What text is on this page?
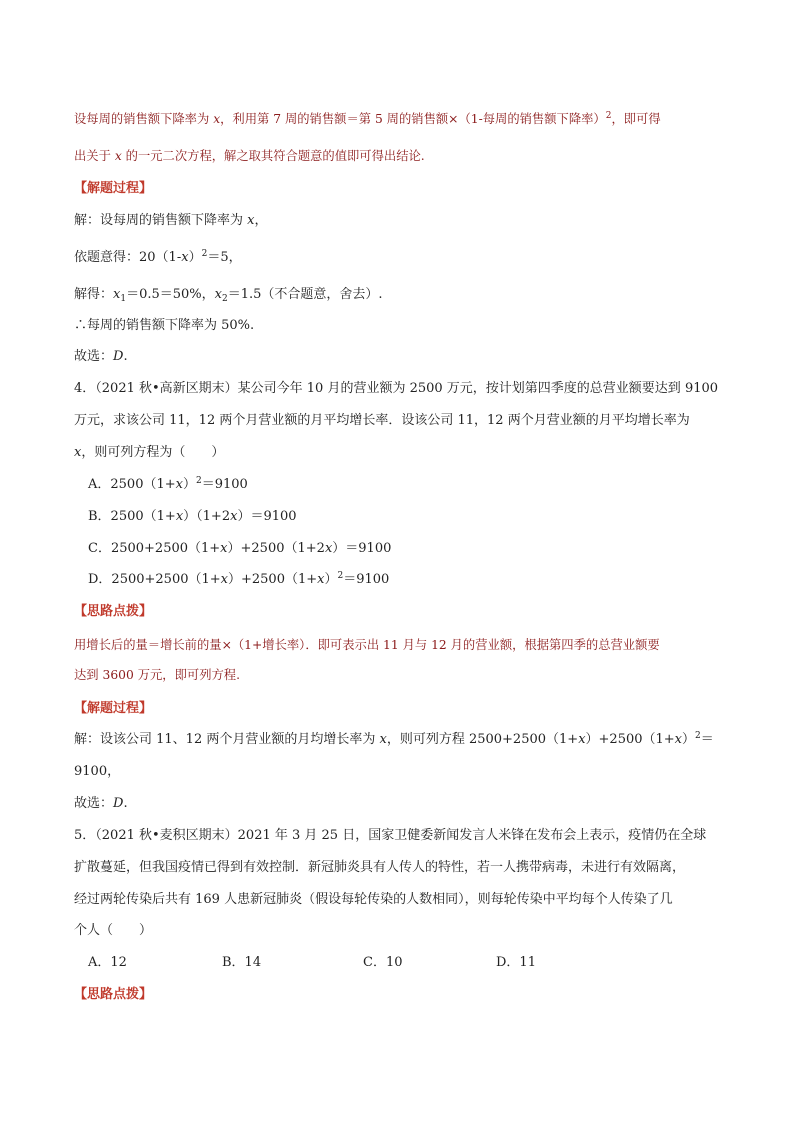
设每周的销售额下降率为 x，利用第 7 周的销售额＝第 5 周的销售额×（1-每周的销售额下降率）$^2$，即可得
出关于 x 的一元二次方程，解之取其符合题意的值即可得出结论.
【解题过程】
解：设每周的销售额下降率为 x，
依题意得：$20(1-x)^2=5$，
解得：$x_1=0.5=50\%$，$x_2=1.5$（不合题意，舍去）.
∴每周的销售额下降率为 50%.
故选：D.
4．（2021 秋•高新区期末）某公司今年 10 月的营业额为 2500 万元，按计划第四季度的总营业额要达到 9100
万元，求该公司 11，12 两个月营业额的月平均增长率．设该公司 11，12 两个月营业额的月平均增长率为
x，则可列方程为（　　）
A．$2500(1+x)^2=9100$
B．2500（1+x）（1+2x）＝9100
C．2500+2500（1+x）+2500（1+2x）＝9100
D．$2500+2500(1+x)+2500(1+x)^2=9100$
【思路点拨】
用增长后的量＝增长前的量×（1+增长率）．即可表示出 11 月与 12 月的营业额，根据第四季的总营业额要
达到 3600 万元，即可列方程.
【解题过程】
解：设该公司 11、12 两个月营业额的月均增长率为 x，则可列方程 $2500+2500(1+x)+2500(1+x)^2=$
9100，
故选：D.
5．（2021 秋•麦积区期末）2021 年 3 月 25 日，国家卫健委新闻发言人米锋在发布会上表示，疫情仍在全球
扩散蔓延，但我国疫情已得到有效控制．新冠肺炎具有人传人的特性，若一人携带病毒，未进行有效隔离，
经过两轮传染后共有 169 人患新冠肺炎（假设每轮传染的人数相同），则每轮传染中平均每个人传染了几
个人（　　）
A．12	B．14	C．10	D．11
【思路点拨】
